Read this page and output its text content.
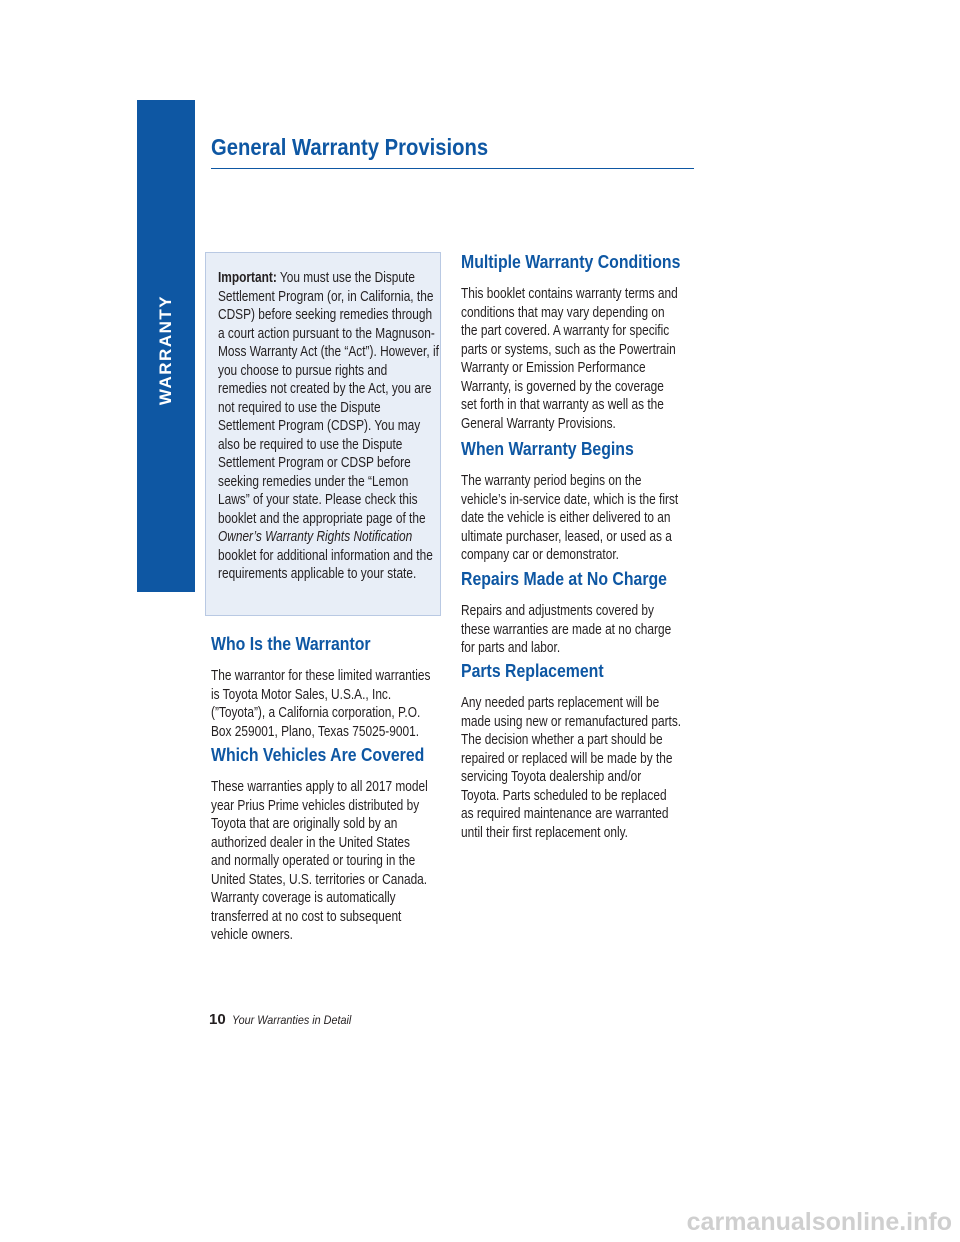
WARRANTY
General Warranty Provisions

Important: You must use the Dispute Settlement Program (or, in California, the CDSP) before seeking remedies through a court action pursuant to the Magnuson-Moss Warranty Act (the “Act”). However, if you choose to pursue rights and remedies not created by the Act, you are not required to use the Dispute Settlement Program (CDSP). You may also be required to use the Dispute Settlement Program or CDSP before seeking remedies under the “Lemon Laws” of your state. Please check this booklet and the appropriate page of the Owner’s Warranty Rights Notification booklet for additional information and the requirements applicable to your state.

Who Is the Warrantor

The warrantor for these limited warranties is Toyota Motor Sales, U.S.A., Inc. (”Toyota”), a California corporation, P.O. Box 259001, Plano, Texas 75025-9001.

Which Vehicles Are Covered

These warranties apply to all 2017 model year Prius Prime vehicles distributed by Toyota that are originally sold by an authorized dealer in the United States and normally operated or touring in the United States, U.S. territories or Canada. Warranty coverage is automatically transferred at no cost to subsequent vehicle owners.

Multiple Warranty Conditions

This booklet contains warranty terms and conditions that may vary depending on the part covered. A warranty for specific parts or systems, such as the Powertrain Warranty or Emission Performance Warranty, is governed by the coverage set forth in that warranty as well as the General Warranty Provisions.

When Warranty Begins

The warranty period begins on the vehicle’s in-service date, which is the first date the vehicle is either delivered to an ultimate purchaser, leased, or used as a company car or demonstrator.

Repairs Made at No Charge

Repairs and adjustments covered by these warranties are made at no charge for parts and labor.

Parts Replacement

Any needed parts replacement will be made using new or remanufactured parts. The decision whether a part should be repaired or replaced will be made by the servicing Toyota dealership and/or Toyota. Parts scheduled to be replaced as required maintenance are warranted until their first replacement only.

10 Your Warranties in Detail
carmanualsonline.info
